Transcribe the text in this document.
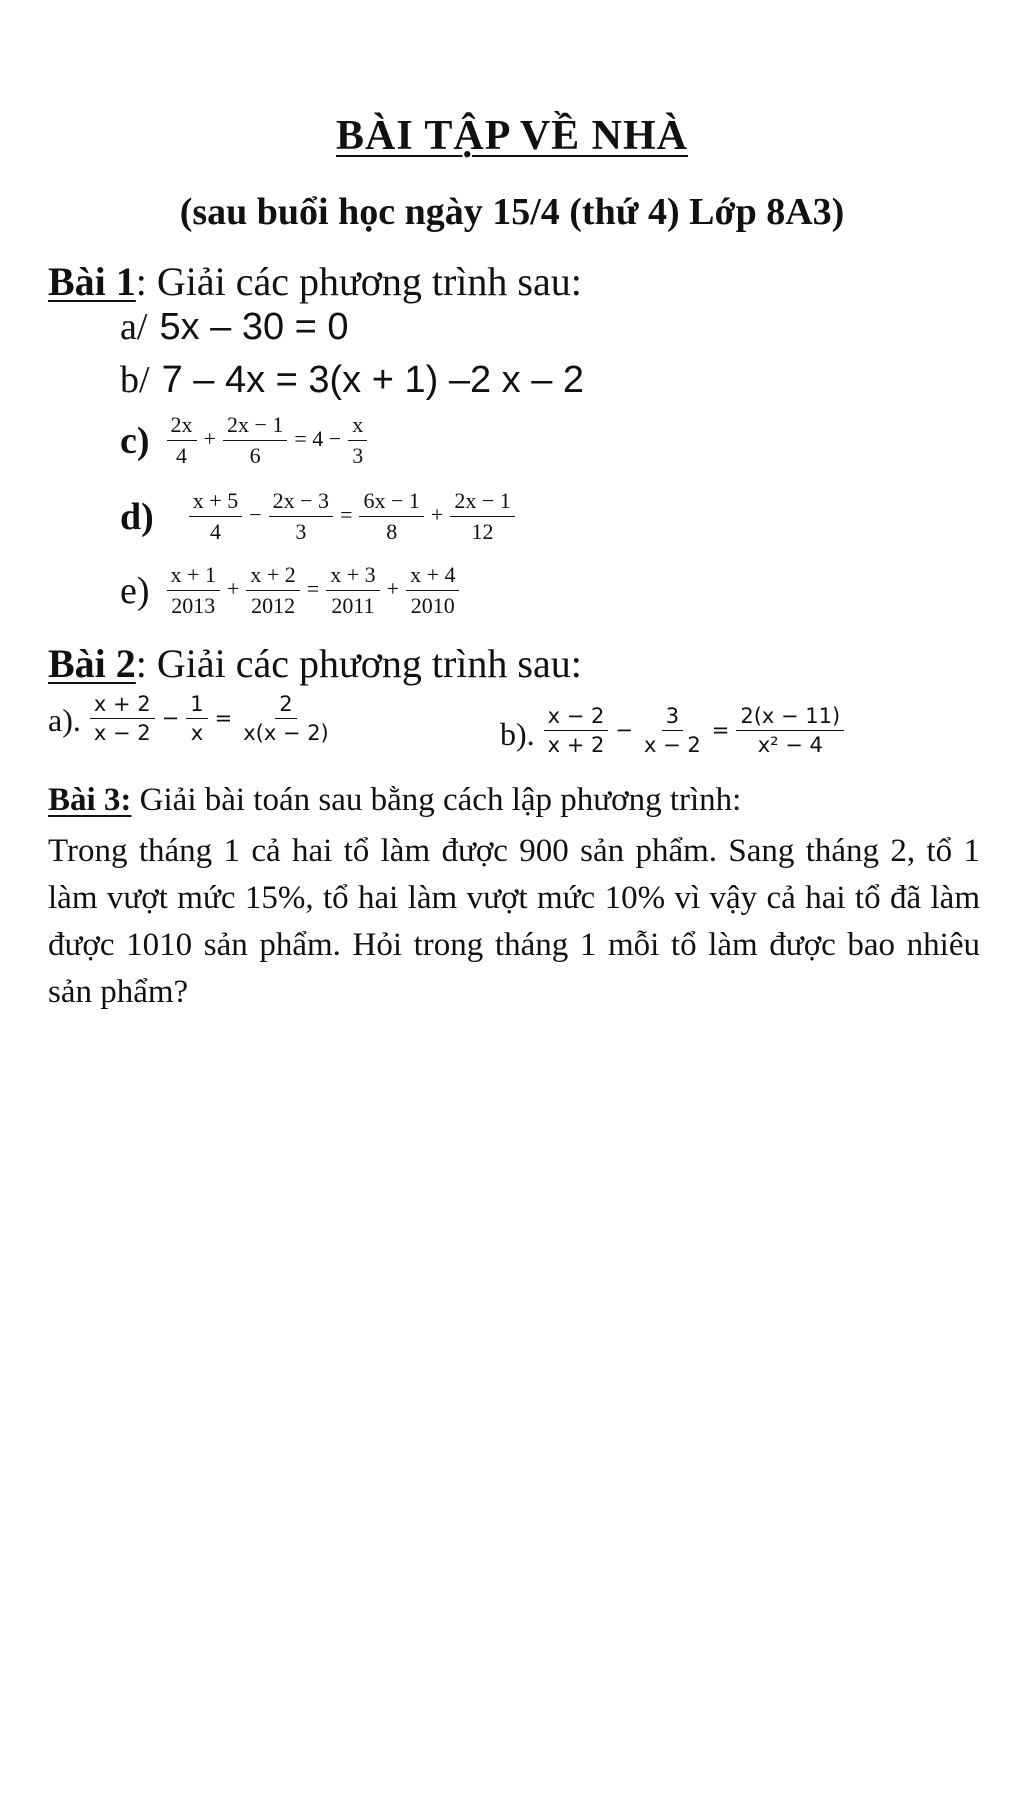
BÀI TẬP VỀ NHÀ
(sau buổi học ngày 15/4 (thứ 4) Lớp 8A3)
Bài 1: Giải các phương trình sau:
a/ 5x – 30 = 0
b/ 7 – 4x = 3(x + 1) –2 x – 2
$c) \frac{2x}{4} + \frac{2x - 1}{6} = 4 - \frac{x}{3}$
$d) \frac{x + 5}{4} - \frac{2x - 3}{3} = \frac{6x - 1}{8} + \frac{2x - 1}{12}$
$e) \frac{x + 1}{2013} + \frac{x + 2}{2012} = \frac{x + 3}{2011} + \frac{x + 4}{2010}$
Bài 2: Giải các phương trình sau:
a). $\frac{x + 2}{x - 2} - \frac{1}{x} = \frac{2}{x(x - 2)}$	b). $\frac{x - 2}{x + 2} - \frac{3}{x - 2} = \frac{2(x - 11)}{\text{x² − 4}}$
Bài 3: Giải bài toán sau bằng cách lập phương trình:
Trong tháng 1 cả hai tổ làm được 900 sản phẩm. Sang tháng 2, tổ 1 làm vượt mức 15%, tổ hai làm vượt mức 10% vì vậy cả hai tổ đã làm được 1010 sản phẩm. Hỏi trong tháng 1 mỗi tổ làm được bao nhiêu sản phẩm?
